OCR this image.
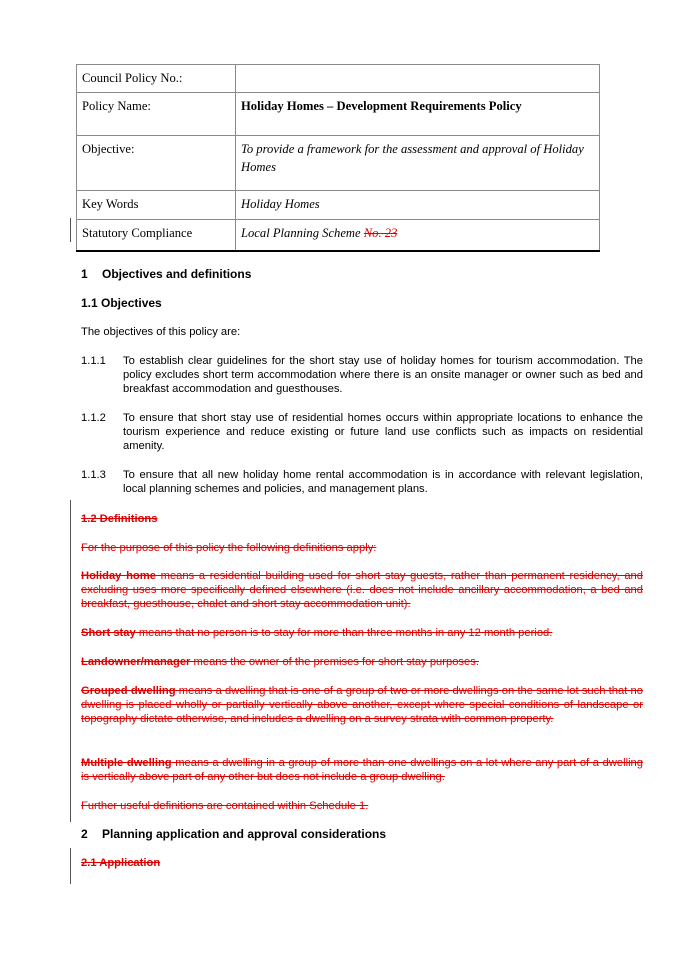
Council Policy No.:	
Policy Name:	Holiday Homes – Development Requirements Policy
Objective:	To provide a framework for the assessment and approval of Holiday Homes
Key Words	Holiday Homes
Statutory Compliance	Local Planning Scheme No. 23
1 Objectives and definitions
1.1 Objectives
The objectives of this policy are:
1.1.1 To establish clear guidelines for the short stay use of holiday homes for tourism accommodation. The policy excludes short term accommodation where there is an onsite manager or owner such as bed and breakfast accommodation and guesthouses.
1.1.2 To ensure that short stay use of residential homes occurs within appropriate locations to enhance the tourism experience and reduce existing or future land use conflicts such as impacts on residential amenity.
1.1.3 To ensure that all new holiday home rental accommodation is in accordance with relevant legislation, local planning schemes and policies, and management plans.
1.2 Definitions
For the purpose of this policy the following definitions apply:
Holiday home means a residential building used for short stay guests, rather than permanent residency, and excluding uses more specifically defined elsewhere (i.e. does not include ancillary accommodation, a bed and breakfast, guesthouse, chalet and short stay accommodation unit).
Short stay means that no person is to stay for more than three months in any 12 month period.
Landowner/manager means the owner of the premises for short stay purposes.
Grouped dwelling means a dwelling that is one of a group of two or more dwellings on the same lot such that no dwelling is placed wholly or partially vertically above another, except where special conditions of landscape or topography dictate otherwise, and includes a dwelling on a survey strata with common property.
Multiple dwelling means a dwelling in a group of more than one dwellings on a lot where any part of a dwelling is vertically above part of any other but does not include a group dwelling.
Further useful definitions are contained within Schedule 1.
2 Planning application and approval considerations
2.1 Application
